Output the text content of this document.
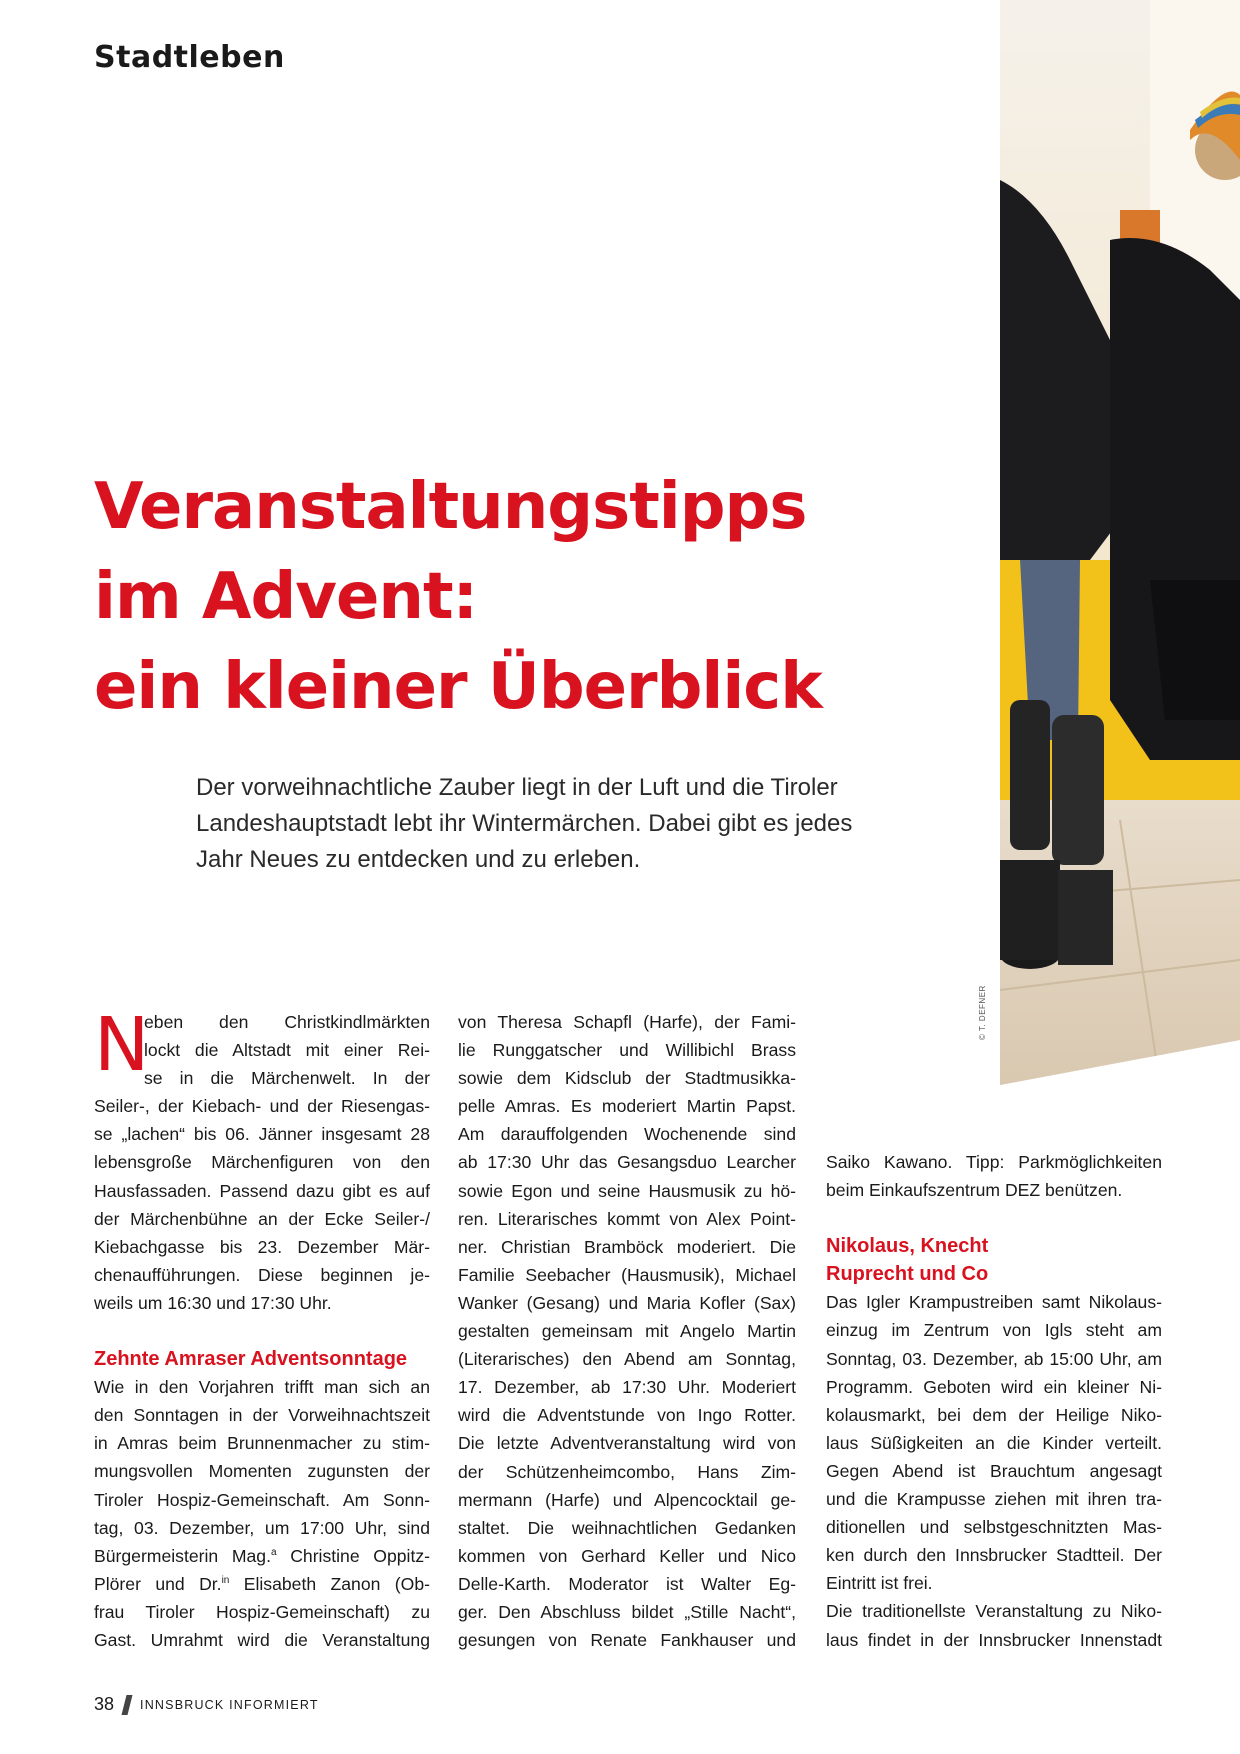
Stadtleben
© T. DEFNER
Veranstaltungstipps
im Advent:
ein kleiner Überblick

Der vorweihnachtliche Zauber liegt in der Luft und die Tiroler
Landeshauptstadt lebt ihr Wintermärchen. Dabei gibt es jedes
Jahr Neues zu entdecken und zu erleben.

N
eben den Christkindlmärkten
lockt die Altstadt mit einer Rei-
se in die Märchenwelt. In der
Seiler-, der Kiebach- und der Riesengas-
se „lachen“ bis 06. Jänner insgesamt 28
lebensgroße Märchenfiguren von den
Hausfassaden. Passend dazu gibt es auf
der Märchenbühne an der Ecke Seiler-/
Kiebachgasse bis 23. Dezember Mär-
chenaufführungen. Diese beginnen je-
weils um 16:30 und 17:30 Uhr.
Zehnte Amraser Adventsonntage
Wie in den Vorjahren trifft man sich an
den Sonntagen in der Vorweihnachtszeit
in Amras beim Brunnenmacher zu stim-
mungsvollen Momenten zugunsten der
Tiroler Hospiz-Gemeinschaft. Am Sonn-
tag, 03. Dezember, um 17:00 Uhr, sind
Bürgermeisterin Mag.$^a$ Christine Oppitz-
Plörer und Dr.$^{in}$ Elisabeth Zanon (Ob-
frau Tiroler Hospiz-Gemeinschaft) zu
Gast. Umrahmt wird die Veranstaltung
von Theresa Schapfl (Harfe), der Fami-
lie Runggatscher und Willibichl Brass
sowie dem Kidsclub der Stadtmusikka-
pelle Amras. Es moderiert Martin Papst.
Am darauffolgenden Wochenende sind
ab 17:30 Uhr das Gesangsduo Learcher
sowie Egon und seine Hausmusik zu hö-
ren. Literarisches kommt von Alex Point-
ner. Christian Bramböck moderiert. Die
Familie Seebacher (Hausmusik), Michael
Wanker (Gesang) und Maria Kofler (Sax)
gestalten gemeinsam mit Angelo Martin
(Literarisches) den Abend am Sonntag,
17. Dezember, ab 17:30 Uhr. Moderiert
wird die Adventstunde von Ingo Rotter.
Die letzte Adventveranstaltung wird von
der Schützenheimcombo, Hans Zim-
mermann (Harfe) und Alpencocktail ge-
staltet. Die weihnachtlichen Gedanken
kommen von Gerhard Keller und Nico
Delle-Karth. Moderator ist Walter Eg-
ger. Den Abschluss bildet „Stille Nacht“,
gesungen von Renate Fankhauser und
Saiko Kawano. Tipp: Parkmöglichkeiten
beim Einkaufszentrum DEZ benützen.
Nikolaus, Knecht
Ruprecht und Co
Das Igler Krampustreiben samt Nikolaus-
einzug im Zentrum von Igls steht am
Sonntag, 03. Dezember, ab 15:00 Uhr, am
Programm. Geboten wird ein kleiner Ni-
kolausmarkt, bei dem der Heilige Niko-
laus Süßigkeiten an die Kinder verteilt.
Gegen Abend ist Brauchtum angesagt
und die Krampusse ziehen mit ihren tra-
ditionellen und selbstgeschnitzten Mas-
ken durch den Innsbrucker Stadtteil. Der
Eintritt ist frei.
Die traditionellste Veranstaltung zu Niko-
laus findet in der Innsbrucker Innenstadt
38 INNSBRUCK INFORMIERT
